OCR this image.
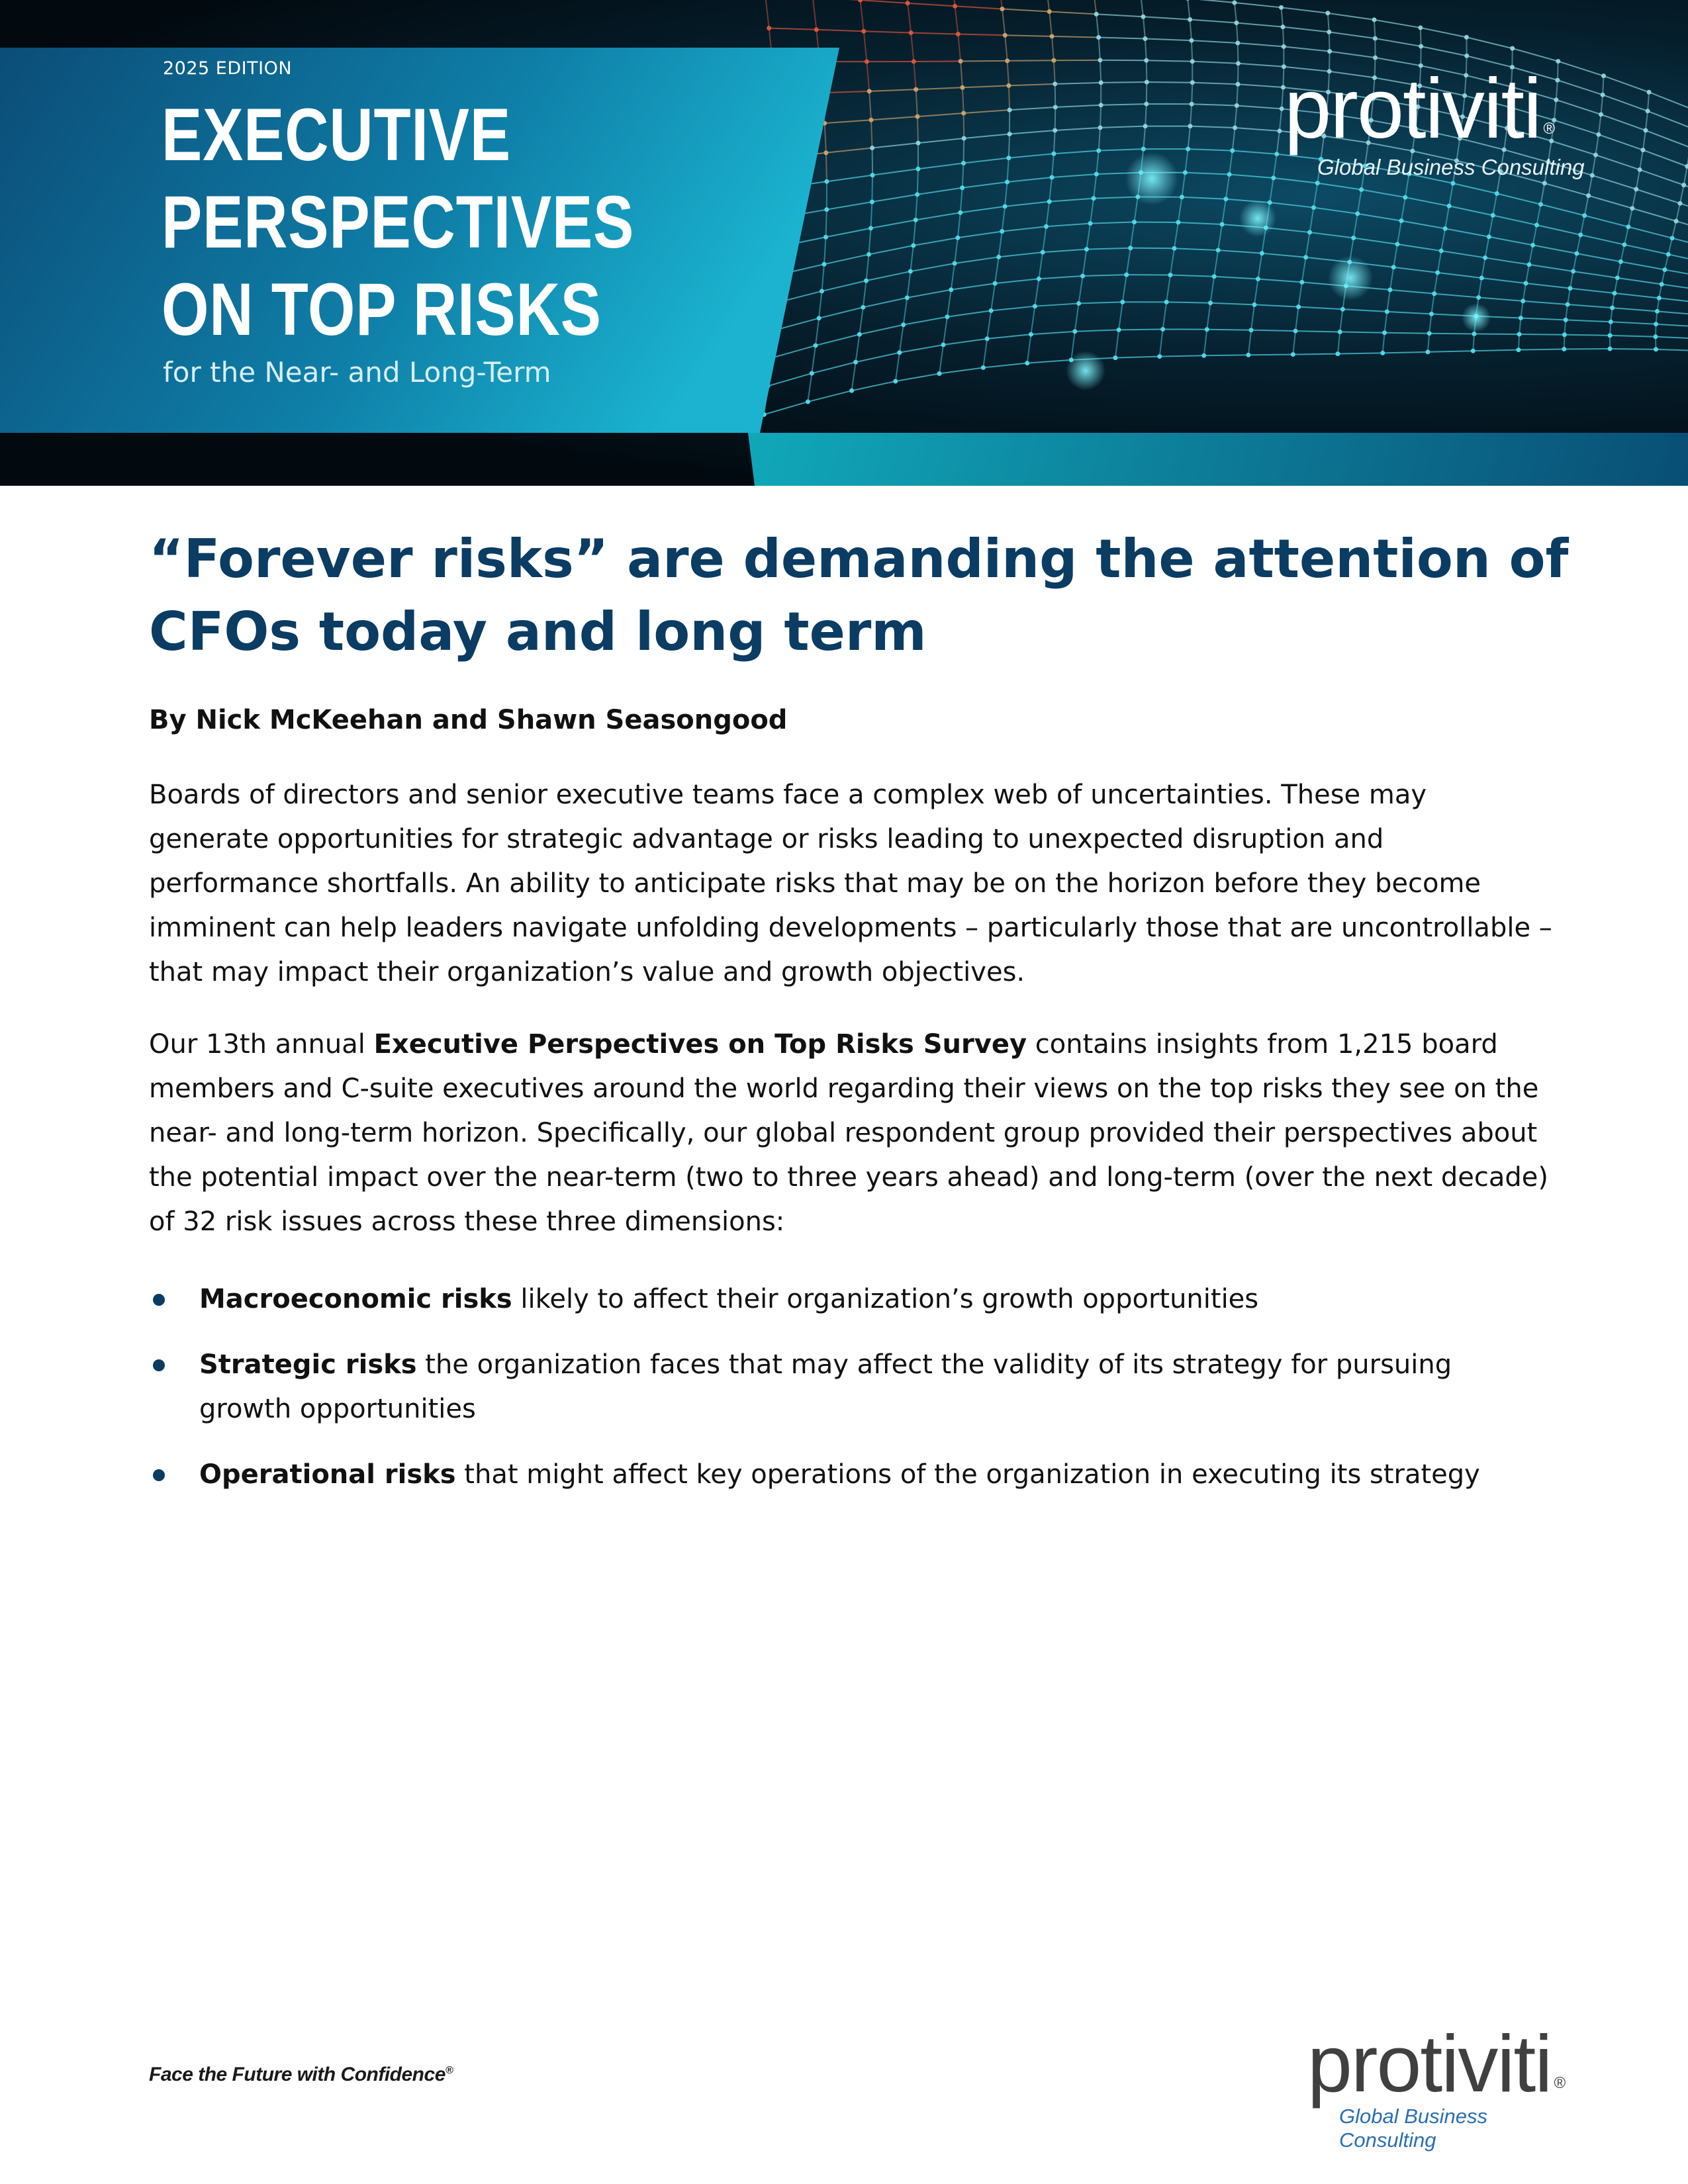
2025 EDITION
EXECUTIVE
PERSPECTIVES
ON TOP RISKS
for the Near- and Long-Term
protiviti ®
Global Business Consulting
“Forever risks” are demanding the attention of CFOs today and long term
By Nick McKeehan and Shawn Seasongood

Boards of directors and senior executive teams face a complex web of uncertainties. These may generate opportunities for strategic advantage or risks leading to unexpected disruption and performance shortfalls. An ability to anticipate risks that may be on the horizon before they become imminent can help leaders navigate unfolding developments – particularly those that are uncontrollable – that may impact their organization’s value and growth objectives.

Our 13th annual Executive Perspectives on Top Risks Survey contains insights from 1,215 board members and C-suite executives around the world regarding their views on the top risks they see on the near- and long-term horizon. Specifically, our global respondent group provided their perspectives about the potential impact over the near-term (two to three years ahead) and long-term (over the next decade) of 32 risk issues across these three dimensions:

Macroeconomic risks likely to affect their organization’s growth opportunities
Strategic risks the organization faces that may affect the validity of its strategy for pursuing growth opportunities
Operational risks that might affect key operations of the organization in executing its strategy
Face the Future with Confidence®	protiviti ®
Global Business Consulting
